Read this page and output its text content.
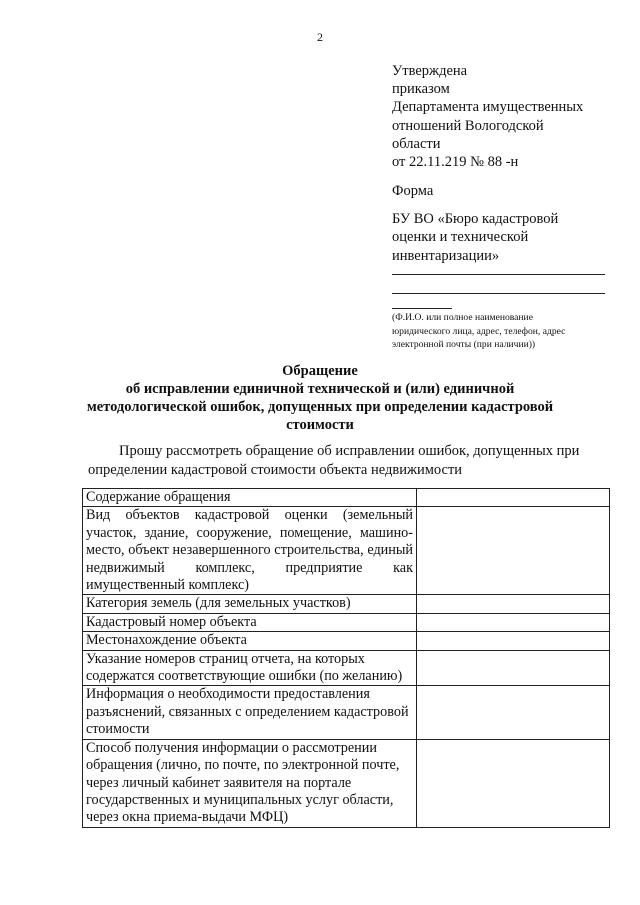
2
Утверждена
приказом
Департамента имущественных
отношений Вологодской
области
от 22.11.219 № 88 -н
Форма
БУ ВО «Бюро кадастровой
оценки и технической
инвентаризации»
(Ф.И.О. или полное наименование
юридического лица, адрес, телефон, адрес
электронной почты (при наличии))
Обращение
об исправлении единичной технической и (или) единичной
методологической ошибок, допущенных при определении кадастровой
стоимости
Прошу рассмотреть обращение об исправлении ошибок, допущенных при
определении кадастровой стоимости объекта недвижимости
Содержание обращения	
Вид объектов кадастровой оценки (земельный участок, здание, сооружение, помещение, машино-место, объект незавершенного строительства, единый недвижимый комплекс, предприятие как имущественный комплекс)	
Категория земель (для земельных участков)	
Кадастровый номер объекта	
Местонахождение объекта	
Указание номеров страниц отчета, на которых содержатся соответствующие ошибки (по желанию)	
Информация о необходимости предоставления разъяснений, связанных с определением кадастровой стоимости	
Способ получения информации о рассмотрении обращения (лично, по почте, по электронной почте, через личный кабинет заявителя на портале государственных и муниципальных услуг области, через окна приема-выдачи МФЦ)	
